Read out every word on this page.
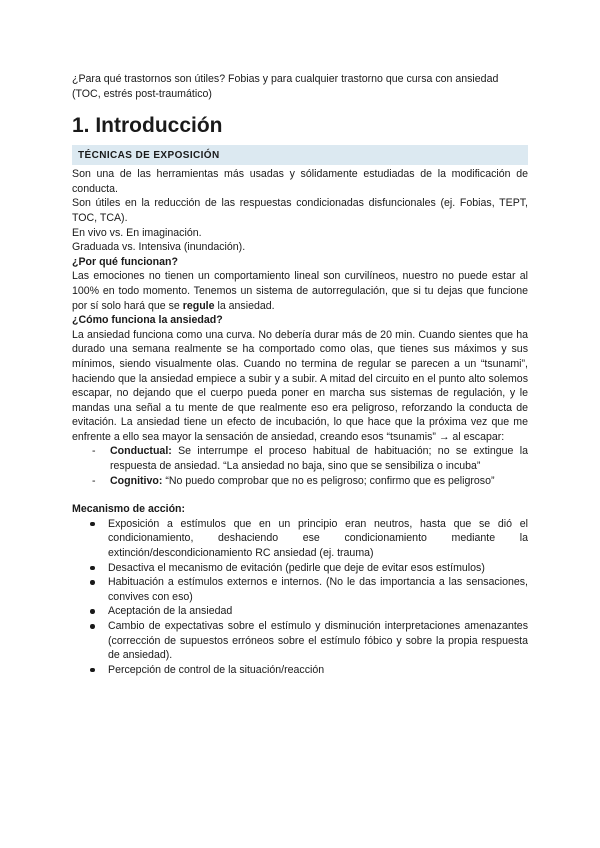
¿Para qué trastornos son útiles? Fobias y para cualquier trastorno que cursa con ansiedad (TOC, estrés post-traumático)

1. Introducción
TÉCNICAS DE EXPOSICIÓN

Son una de las herramientas más usadas y sólidamente estudiadas de la modificación de conducta.

Son útiles en la reducción de las respuestas condicionadas disfuncionales (ej. Fobias, TEPT, TOC, TCA).

En vivo vs. En imaginación.

Graduada vs. Intensiva (inundación).

¿Por qué funcionan?

Las emociones no tienen un comportamiento lineal son curvilíneos, nuestro no puede estar al 100% en todo momento. Tenemos un sistema de autorregulación, que si tu dejas que funcione por sí solo hará que se regule la ansiedad.

¿Cómo funciona la ansiedad?

La ansiedad funciona como una curva. No debería durar más de 20 min. Cuando sientes que ha durado una semana realmente se ha comportado como olas, que tienes sus máximos y sus mínimos, siendo visualmente olas. Cuando no termina de regular se parecen a un “tsunami”, haciendo que la ansiedad empiece a subir y a subir. A mitad del circuito en el punto alto solemos escapar, no dejando que el cuerpo pueda poner en marcha sus sistemas de regulación, y le mandas una señal a tu mente de que realmente eso era peligroso, reforzando la conducta de evitación. La ansiedad tiene un efecto de incubación, lo que hace que la próxima vez que me enfrente a ello sea mayor la sensación de ansiedad, creando esos “tsunamis” → al escapar:

- Conductual: Se interrumpe el proceso habitual de habituación; no se extingue la respuesta de ansiedad. “La ansiedad no baja, sino que se sensibiliza o incuba”
- Cognitivo: “No puedo comprobar que no es peligroso; confirmo que es peligroso”

Mecanismo de acción:

Exposición a estímulos que en un principio eran neutros, hasta que se dió el condicionamiento, deshaciendo ese condicionamiento mediante la extinción/descondicionamiento RC ansiedad (ej. trauma)
Desactiva el mecanismo de evitación (pedirle que deje de evitar esos estímulos)
Habituación a estímulos externos e internos. (No le das importancia a las sensaciones, convives con eso)
Aceptación de la ansiedad
Cambio de expectativas sobre el estímulo y disminución interpretaciones amenazantes (corrección de supuestos erróneos sobre el estímulo fóbico y sobre la propia respuesta de ansiedad).
Percepción de control de la situación/reacción
